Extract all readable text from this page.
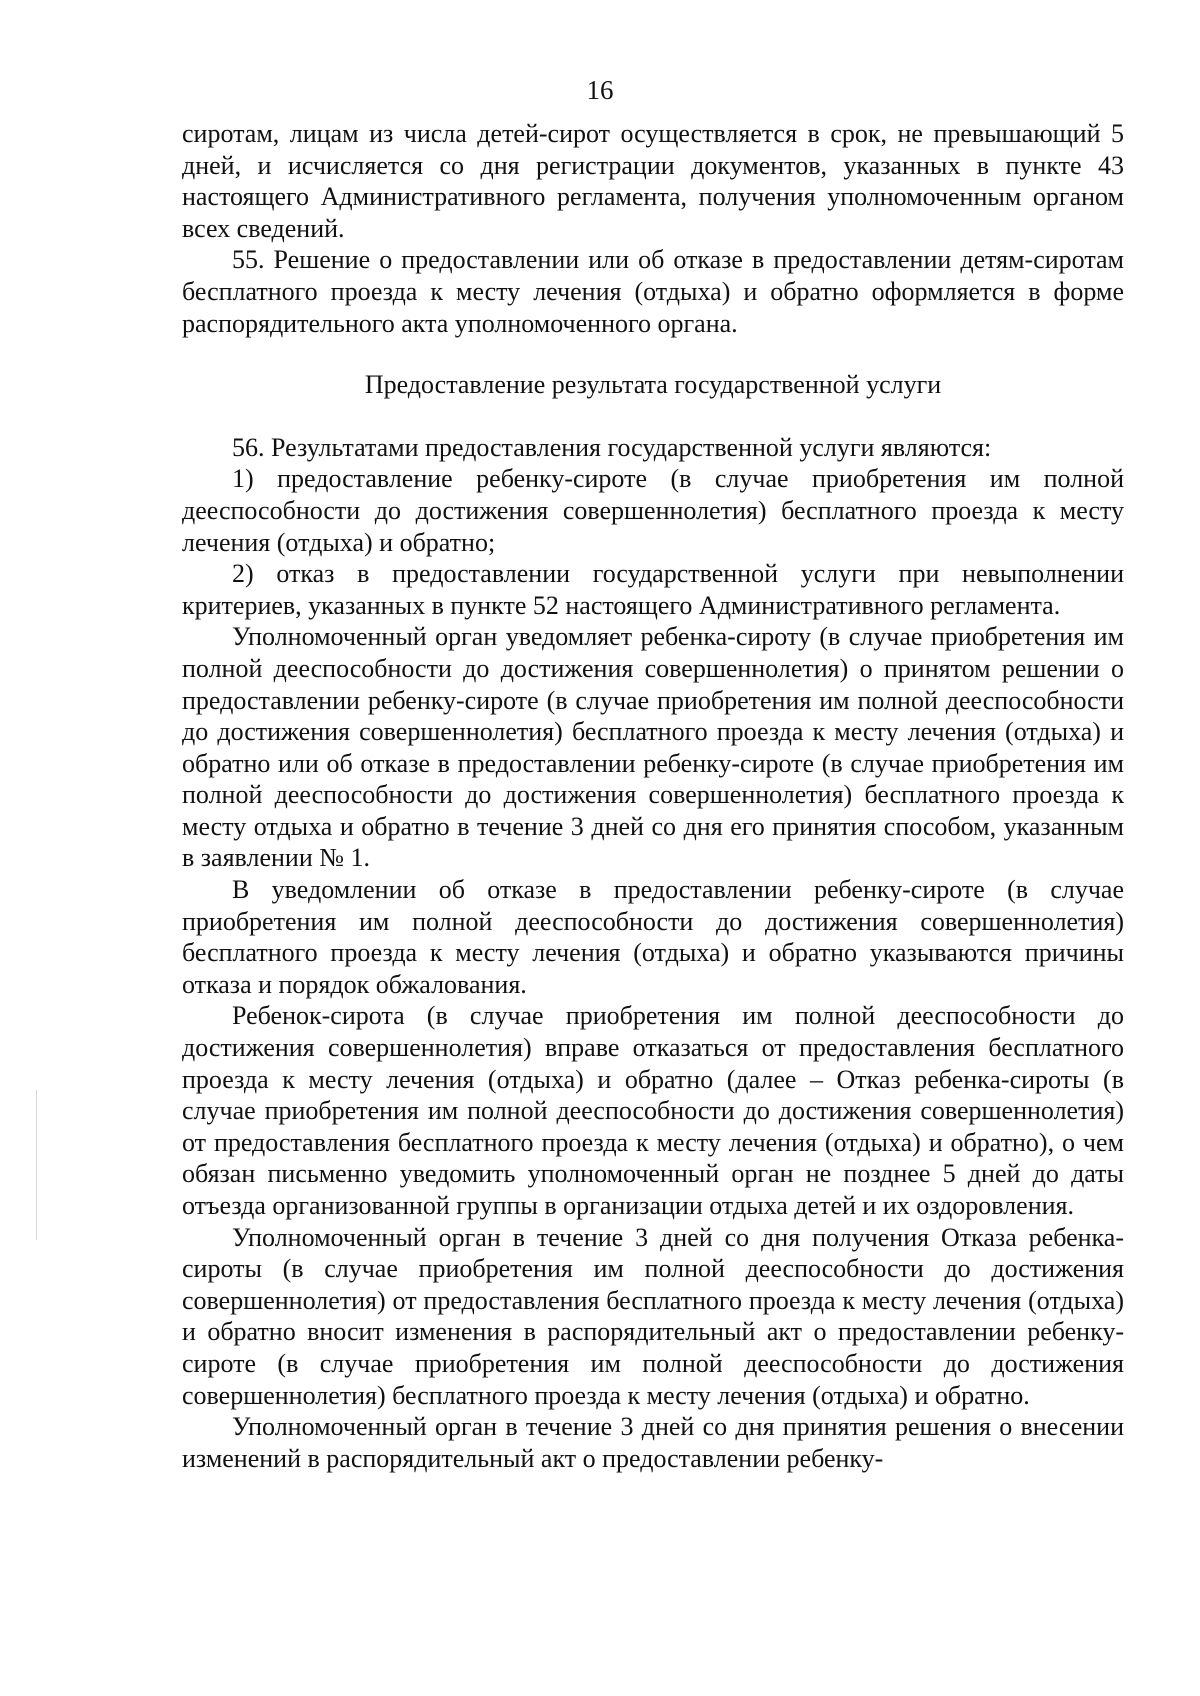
16

сиротам, лицам из числа детей-сирот осуществляется в срок, не превышающий 5 дней, и исчисляется со дня регистрации документов, указанных в пункте 43 настоящего Административного регламента, получения уполномоченным органом всех сведений.

55. Решение о предоставлении или об отказе в предоставлении детям-сиротам бесплатного проезда к месту лечения (отдыха) и обратно оформляется в форме распорядительного акта уполномоченного органа.

Предоставление результата государственной услуги

56. Результатами предоставления государственной услуги являются:

1) предоставление ребенку-сироте (в случае приобретения им полной дееспособности до достижения совершеннолетия) бесплатного проезда к месту лечения (отдыха) и обратно;

2) отказ в предоставлении государственной услуги при невыполнении критериев, указанных в пункте 52 настоящего Административного регламента.

Уполномоченный орган уведомляет ребенка-сироту (в случае приобретения им полной дееспособности до достижения совершеннолетия) о принятом решении о предоставлении ребенку-сироте (в случае приобретения им полной дееспособности до достижения совершеннолетия) бесплатного проезда к месту лечения (отдыха) и обратно или об отказе в предоставлении ребенку-сироте (в случае приобретения им полной дееспособности до достижения совершеннолетия) бесплатного проезда к месту отдыха и обратно в течение 3 дней со дня его принятия способом, указанным в заявлении № 1.

В уведомлении об отказе в предоставлении ребенку-сироте (в случае приобретения им полной дееспособности до достижения совершеннолетия) бесплатного проезда к месту лечения (отдыха) и обратно указываются причины отказа и порядок обжалования.

Ребенок-сирота (в случае приобретения им полной дееспособности до достижения совершеннолетия) вправе отказаться от предоставления бесплатного проезда к месту лечения (отдыха) и обратно (далее – Отказ ребенка-сироты (в случае приобретения им полной дееспособности до достижения совершеннолетия) от предоставления бесплатного проезда к месту лечения (отдыха) и обратно), о чем обязан письменно уведомить уполномоченный орган не позднее 5 дней до даты отъезда организованной группы в организации отдыха детей и их оздоровления.

Уполномоченный орган в течение 3 дней со дня получения Отказа ребенка-сироты (в случае приобретения им полной дееспособности до достижения совершеннолетия) от предоставления бесплатного проезда к месту лечения (отдыха) и обратно вносит изменения в распорядительный акт о предоставлении ребенку-сироте (в случае приобретения им полной дееспособности до достижения совершеннолетия) бесплатного проезда к месту лечения (отдыха) и обратно.

Уполномоченный орган в течение 3 дней со дня принятия решения о внесении изменений в распорядительный акт о предоставлении ребенку-
